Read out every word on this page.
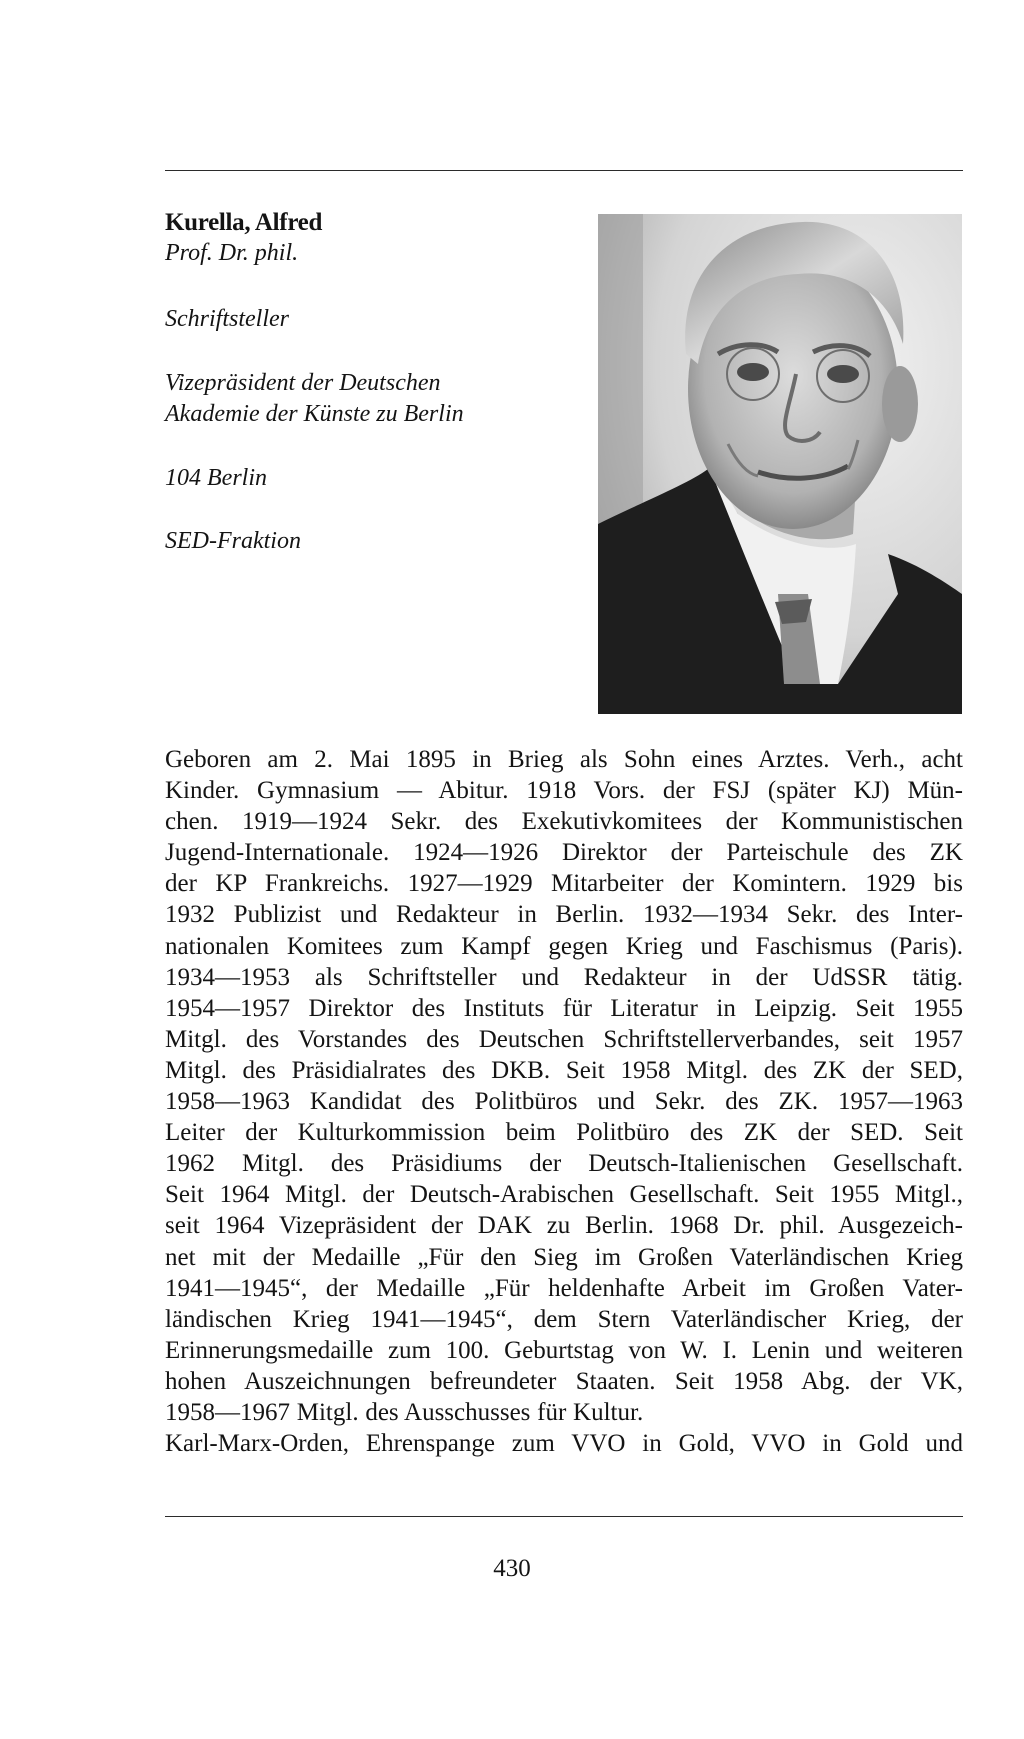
Kurella, Alfred
Prof. Dr. phil.
Schriftsteller
Vizepräsident der Deutschen
Akademie der Künste zu Berlin
104 Berlin
SED-Fraktion
Geboren am 2. Mai 1895 in Brieg als Sohn eines Arztes. Verh., acht
Kinder. Gymnasium — Abitur. 1918 Vors. der FSJ (später KJ) Mün-
chen. 1919—1924 Sekr. des Exekutivkomitees der Kommunistischen
Jugend-Internationale. 1924—1926 Direktor der Parteischule des ZK
der KP Frankreichs. 1927—1929 Mitarbeiter der Komintern. 1929 bis
1932 Publizist und Redakteur in Berlin. 1932—1934 Sekr. des Inter-
nationalen Komitees zum Kampf gegen Krieg und Faschismus (Paris).
1934—1953 als Schriftsteller und Redakteur in der UdSSR tätig.
1954—1957 Direktor des Instituts für Literatur in Leipzig. Seit 1955
Mitgl. des Vorstandes des Deutschen Schriftstellerverbandes, seit 1957
Mitgl. des Präsidialrates des DKB. Seit 1958 Mitgl. des ZK der SED,
1958—1963 Kandidat des Politbüros und Sekr. des ZK. 1957—1963
Leiter der Kulturkommission beim Politbüro des ZK der SED. Seit
1962 Mitgl. des Präsidiums der Deutsch-Italienischen Gesellschaft.
Seit 1964 Mitgl. der Deutsch-Arabischen Gesellschaft. Seit 1955 Mitgl.,
seit 1964 Vizepräsident der DAK zu Berlin. 1968 Dr. phil. Ausgezeich-
net mit der Medaille „Für den Sieg im Großen Vaterländischen Krieg
1941—1945“, der Medaille „Für heldenhafte Arbeit im Großen Vater-
ländischen Krieg 1941—1945“, dem Stern Vaterländischer Krieg, der
Erinnerungsmedaille zum 100. Geburtstag von W. I. Lenin und weiteren
hohen Auszeichnungen befreundeter Staaten. Seit 1958 Abg. der VK,
1958—1967 Mitgl. des Ausschusses für Kultur.
Karl-Marx-Orden, Ehrenspange zum VVO in Gold, VVO in Gold und
430
